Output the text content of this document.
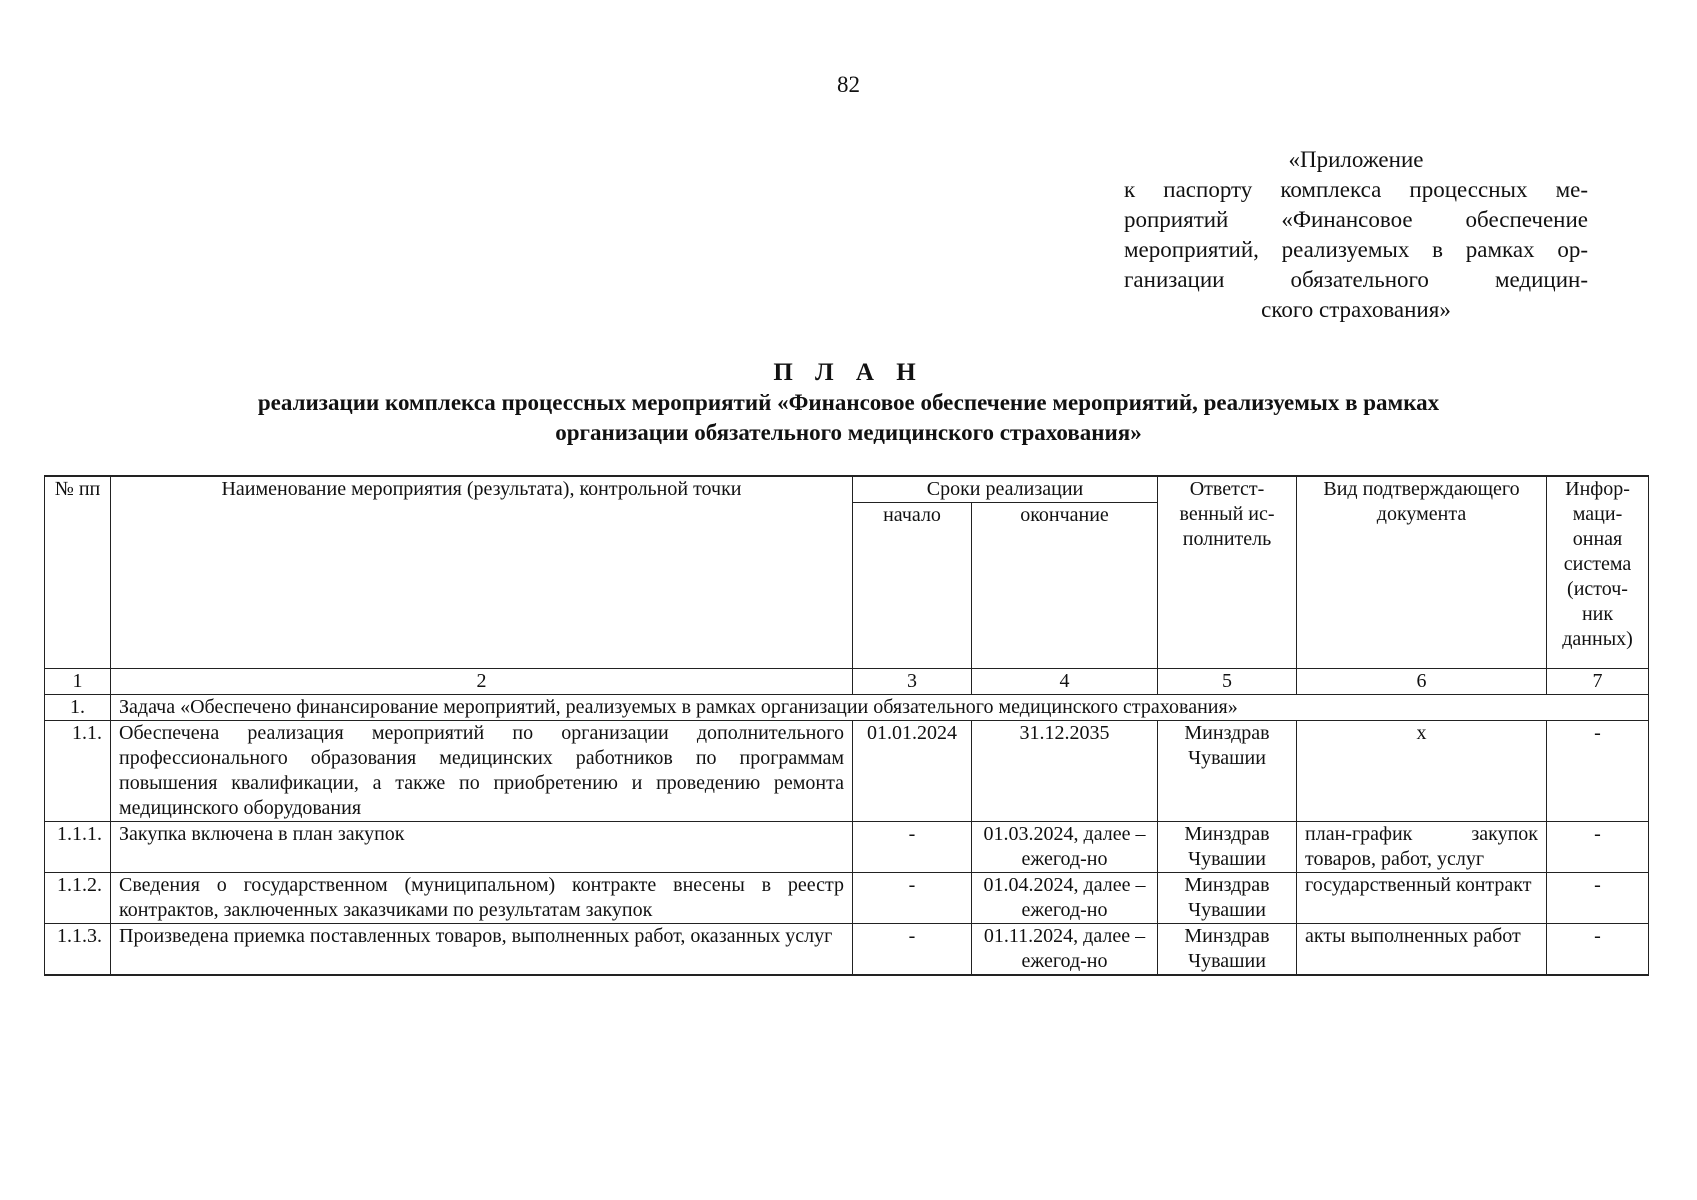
82
«Приложение
к паспорту комплекса процессных ме-
роприятий «Финансовое обеспечение
мероприятий, реализуемых в рамках ор-
ганизации обязательного медицин-
ского страхования»
П Л А Н
реализации комплекса процессных мероприятий «Финансовое обеспечение мероприятий, реализуемых в рамках
организации обязательного медицинского страхования»
№ пп	Наименование мероприятия (результата), контрольной точки	Сроки реализации		Ответст-венный ис-полнитель	Вид подтверждающего документа	Инфор-маци-онная система (источ-ник данных)
		начало	окончание			
1	2	3	4	5	6	7
1.	Задача «Обеспечено финансирование мероприятий, реализуемых в рамках организации обязательного медицинского страхования»					
1.1.	Обеспечена реализация мероприятий по организации дополнительного профессионального образования медицинских работников по программам повышения квалификации, а также по приобретению и проведению ремонта медицинского оборудования	01.01.2024	31.12.2035	Минздрав Чувашии	х	-
1.1.1.	Закупка включена в план закупок	-	01.03.2024, далее – ежегод-но	Минздрав Чувашии	план-график закупок товаров, работ, услуг	-
1.1.2.	Сведения о государственном (муниципальном) контракте внесены в реестр контрактов, заключенных заказчиками по результатам закупок	-	01.04.2024, далее – ежегод-но	Минздрав Чувашии	государственный контракт	-
1.1.3.	Произведена приемка поставленных товаров, выполненных работ, оказанных услуг	-	01.11.2024, далее – ежегод-но	Минздрав Чувашии	акты выполненных работ	-
